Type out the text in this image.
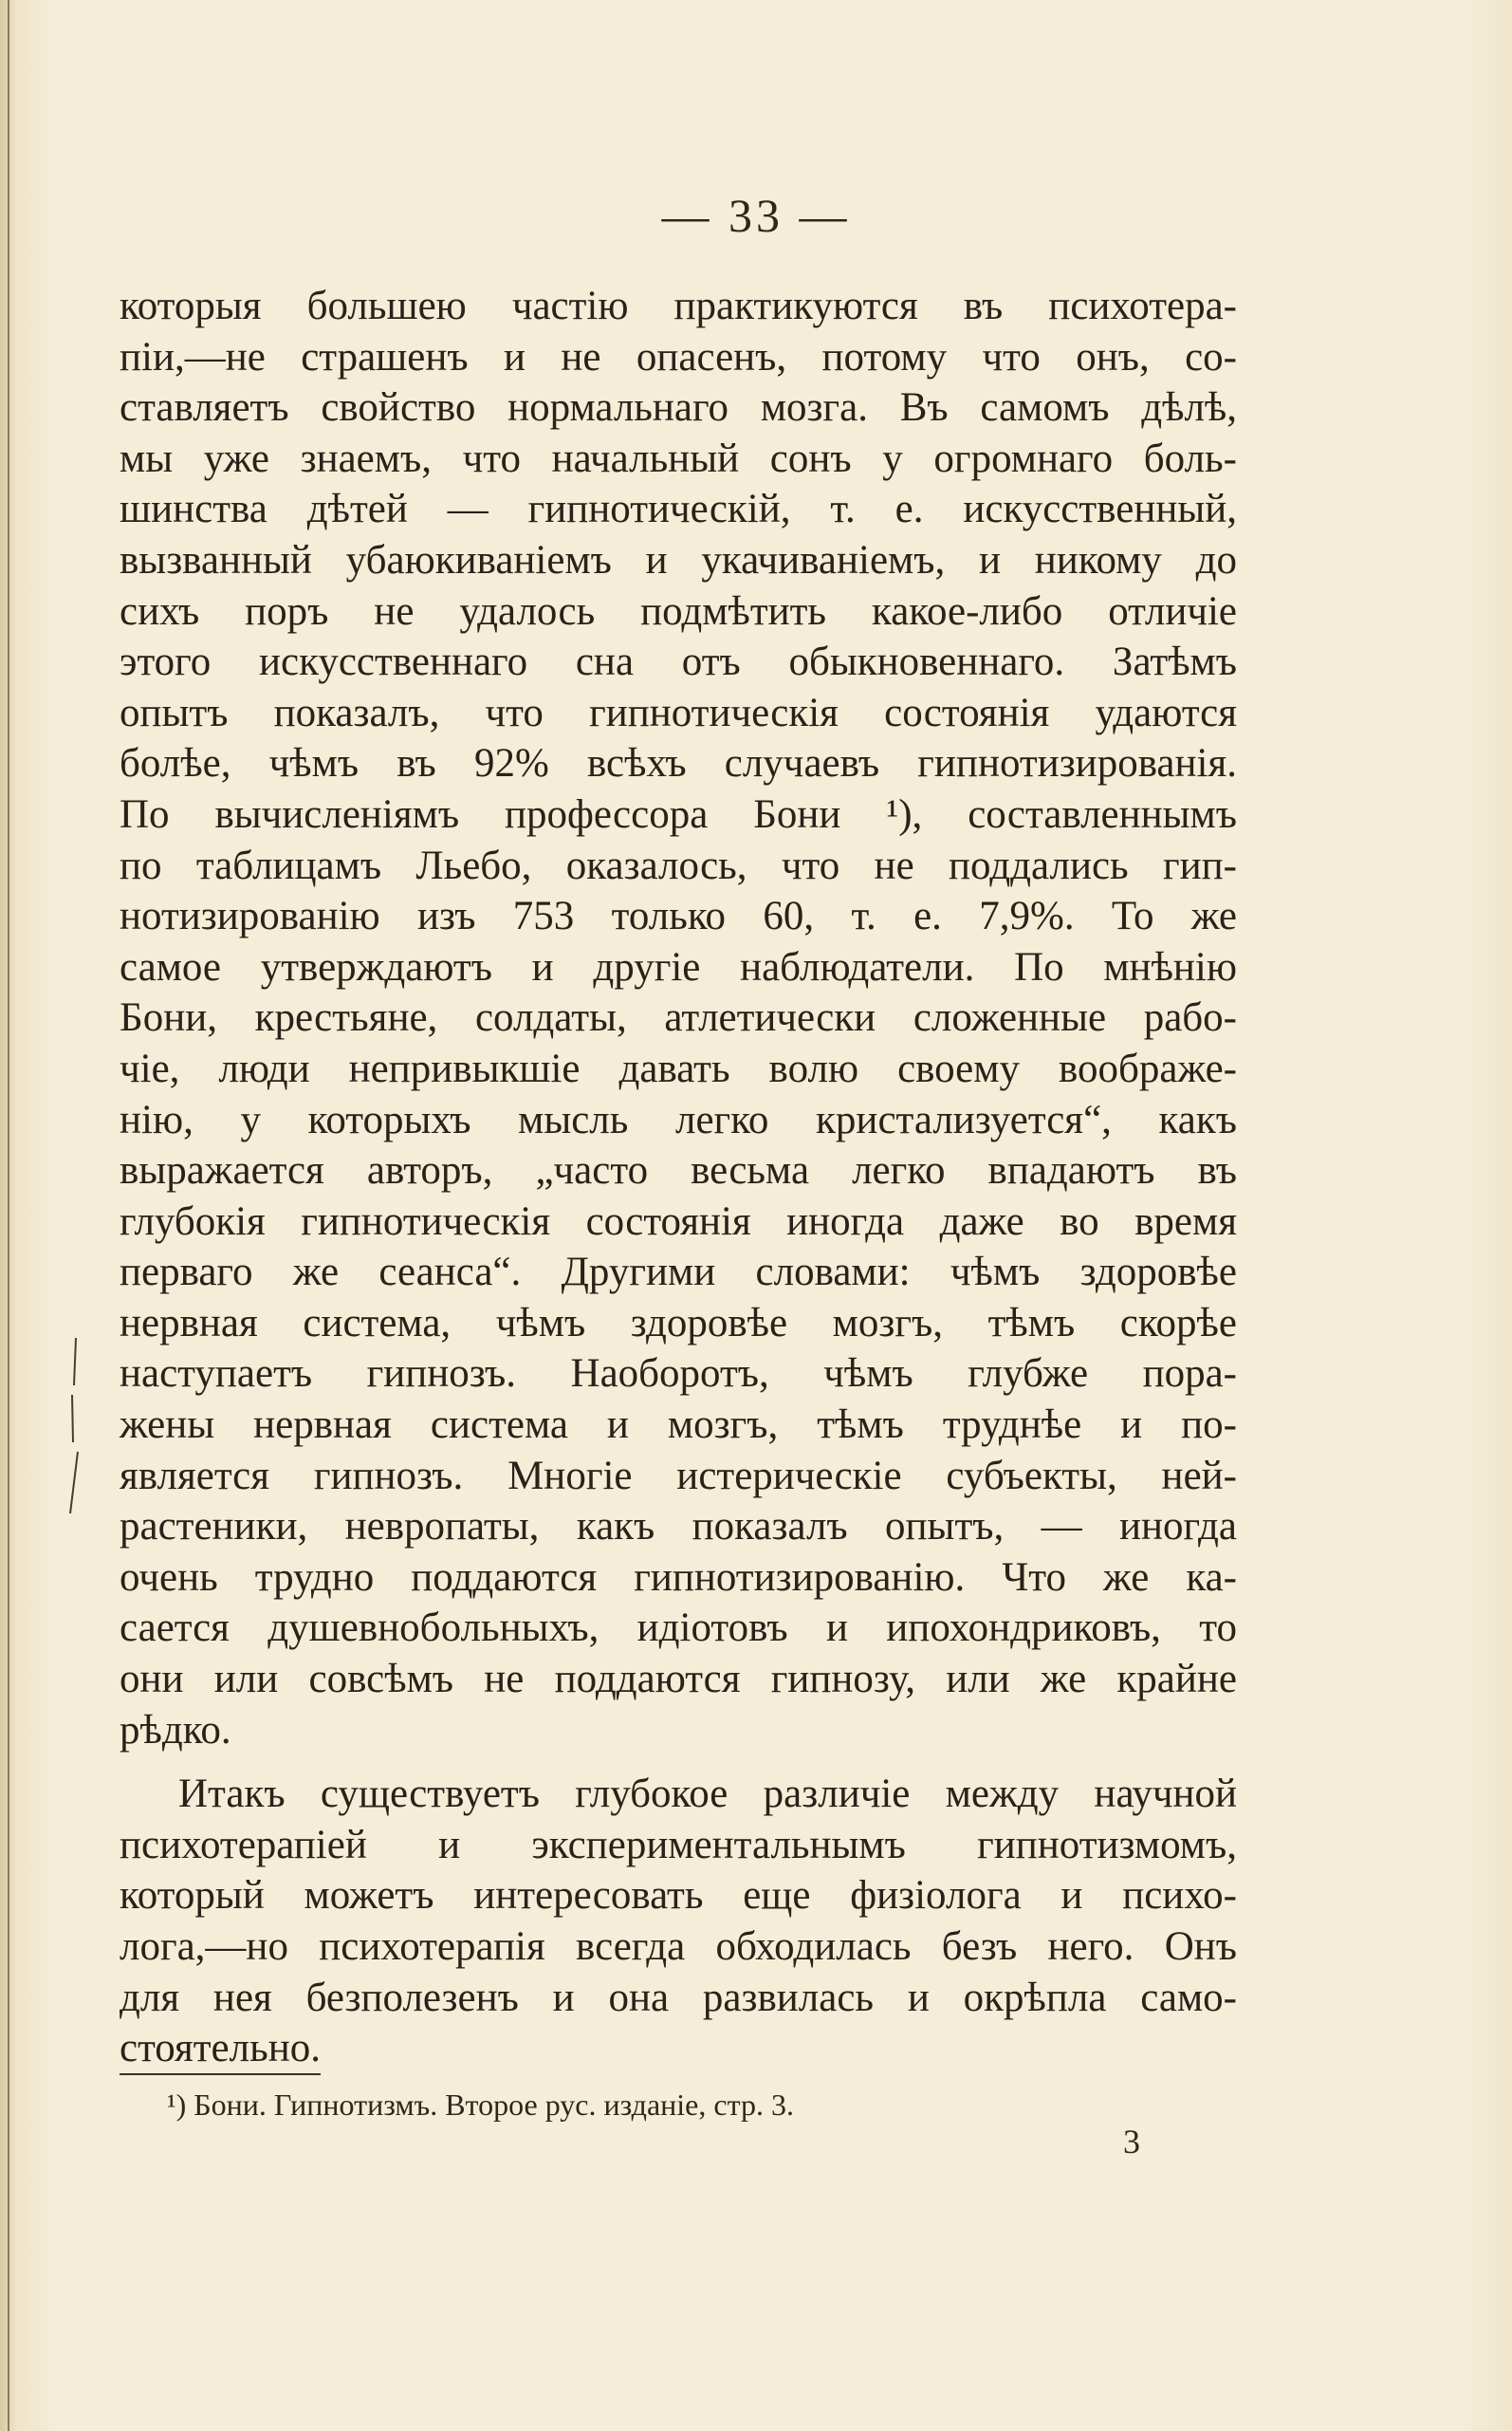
— 33 —
которыя большею частію практикуются въ психотера-
піи,—не страшенъ и не опасенъ, потому что онъ, со-
ставляетъ свойство нормальнаго мозга. Въ самомъ дѣлѣ,
мы уже знаемъ, что начальный сонъ у огромнаго боль-
шинства дѣтей — гипнотическій, т. е. искусственный,
вызванный убаюкиваніемъ и укачиваніемъ, и никому до
сихъ поръ не удалось подмѣтить какое-либо отличіе
этого искусственнаго сна отъ обыкновеннаго. Затѣмъ
опытъ показалъ, что гипнотическія состоянія удаются
болѣе, чѣмъ въ 92% всѣхъ случаевъ гипнотизированія.
По вычисленіямъ профессора Бони ¹), составленнымъ
по таблицамъ Льебо, оказалось, что не поддались гип-
нотизированію изъ 753 только 60, т. е. 7,9%. То же
самое утверждаютъ и другіе наблюдатели. По мнѣнію
Бони, крестьяне, солдаты, атлетически сложенные рабо-
чіе, люди непривыкшіе давать волю своему воображе-
нію, у которыхъ мысль легко кристализуется“, какъ
выражается авторъ, „часто весьма легко впадаютъ въ
глубокія гипнотическія состоянія иногда даже во время
перваго же сеанса“. Другими словами: чѣмъ здоровѣе
нервная система, чѣмъ здоровѣе мозгъ, тѣмъ скорѣе
наступаетъ гипнозъ. Наоборотъ, чѣмъ глубже пора-
жены нервная система и мозгъ, тѣмъ труднѣе и по-
является гипнозъ. Многіе истерическіе субъекты, ней-
растеники, невропаты, какъ показалъ опытъ, — иногда
очень трудно поддаются гипнотизированію. Что же ка-
сается душевнобольныхъ, идіотовъ и ипохондриковъ, то
они или совсѣмъ не поддаются гипнозу, или же крайне
рѣдко.
Итакъ существуетъ глубокое различіе между научной
психотерапіей и экспериментальнымъ гипнотизмомъ,
который можетъ интересовать еще физіолога и психо-
лога,—но психотерапія всегда обходилась безъ него. Онъ
для нея безполезенъ и она развилась и окрѣпла само-
стоятельно.
¹) Бони. Гипнотизмъ. Второе рус. изданіе, стр. 3.
3
